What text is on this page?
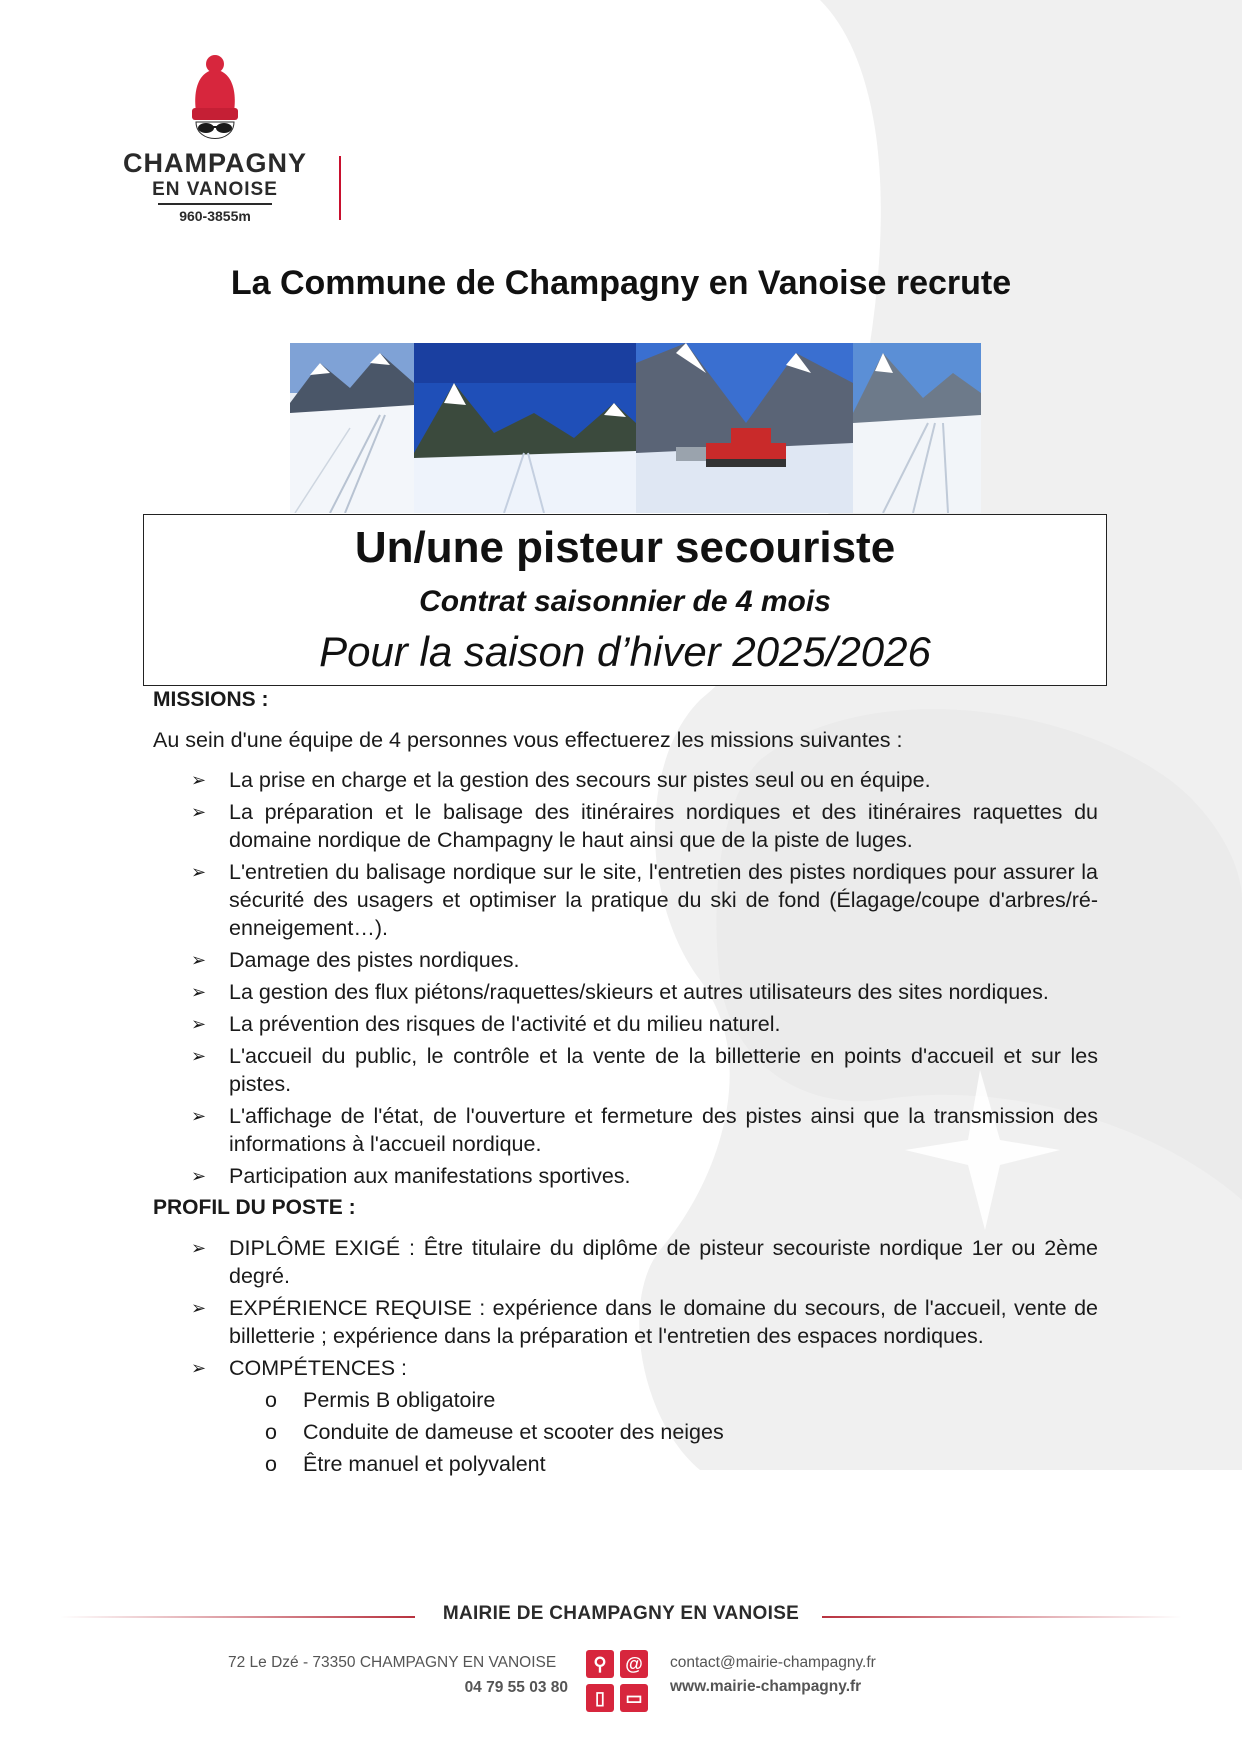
CHAMPAGNY
EN VANOISE
960-3855m
La Commune de Champagny en Vanoise recrute
Un/une pisteur secouriste
Contrat saisonnier de 4 mois
Pour la saison d’hiver 2025/2026

MISSIONS :

Au sein d'une équipe de 4 personnes vous effectuerez les missions suivantes :

➢ La prise en charge et la gestion des secours sur pistes seul ou en équipe.
➢ La préparation et le balisage des itinéraires nordiques et des itinéraires raquettes du domaine nordique de Champagny le haut ainsi que de la piste de luges.
➢ L'entretien du balisage nordique sur le site, l'entretien des pistes nordiques pour assurer la sécurité des usagers et optimiser la pratique du ski de fond (Élagage/coupe d'arbres/ré-enneigement…).
➢ Damage des pistes nordiques.
➢ La gestion des flux piétons/raquettes/skieurs et autres utilisateurs des sites nordiques.
➢ La prévention des risques de l'activité et du milieu naturel.
➢ L'accueil du public, le contrôle et la vente de la billetterie en points d'accueil et sur les pistes.
➢ L'affichage de l'état, de l'ouverture et fermeture des pistes ainsi que la transmission des informations à l'accueil nordique.
➢ Participation aux manifestations sportives.

PROFIL DU POSTE :

➢ DIPLÔME EXIGÉ : Être titulaire du diplôme de pisteur secouriste nordique 1er ou 2ème degré.
➢ EXPÉRIENCE REQUISE : expérience dans le domaine du secours, de l'accueil, vente de billetterie ; expérience dans la préparation et l'entretien des espaces nordiques.
➢ COMPÉTENCES :
o Permis B obligatoire
o Conduite de dameuse et scooter des neiges
o Être manuel et polyvalent
MAIRIE DE CHAMPAGNY EN VANOISE
72 Le Dzé - 73350 CHAMPAGNY EN VANOISE
04 79 55 03 80
⚲	@
▯	▭
contact@mairie-champagny.fr
www.mairie-champagny.fr
